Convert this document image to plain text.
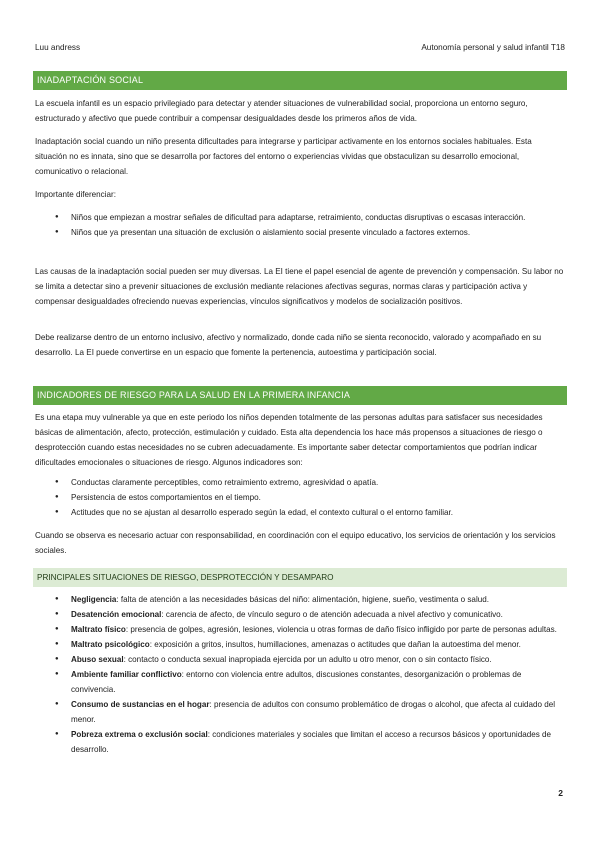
Luu andress	Autonomía personal y salud infantil T18
INADAPTACIÓN SOCIAL

La escuela infantil es un espacio privilegiado para detectar y atender situaciones de vulnerabilidad social, proporciona un entorno seguro, estructurado y afectivo que puede contribuir a compensar desigualdades desde los primeros años de vida.

Inadaptación social cuando un niño presenta dificultades para integrarse y participar activamente en los entornos sociales habituales. Esta situación no es innata, sino que se desarrolla por factores del entorno o experiencias vividas que obstaculizan su desarrollo emocional, comunicativo o relacional.

Importante diferenciar:

● Niños que empiezan a mostrar señales de dificultad para adaptarse, retraimiento, conductas disruptivas o escasas interacción.
● Niños que ya presentan una situación de exclusión o aislamiento social presente vinculado a factores externos.

Las causas de la inadaptación social pueden ser muy diversas. La EI tiene el papel esencial de agente de prevención y compensación. Su labor no se limita a detectar sino a prevenir situaciones de exclusión mediante relaciones afectivas seguras, normas claras y participación activa y compensar desigualdades ofreciendo nuevas experiencias, vínculos significativos y modelos de socialización positivos.

Debe realizarse dentro de un entorno inclusivo, afectivo y normalizado, donde cada niño se sienta reconocido, valorado y acompañado en su desarrollo. La EI puede convertirse en un espacio que fomente la pertenencia, autoestima y participación social.

INDICADORES DE RIESGO PARA LA SALUD EN LA PRIMERA INFANCIA

Es una etapa muy vulnerable ya que en este periodo los niños dependen totalmente de las personas adultas para satisfacer sus necesidades básicas de alimentación, afecto, protección, estimulación y cuidado. Esta alta dependencia los hace más propensos a situaciones de riesgo o desprotección cuando estas necesidades no se cubren adecuadamente. Es importante saber detectar comportamientos que podrían indicar dificultades emocionales o situaciones de riesgo. Algunos indicadores son:

● Conductas claramente perceptibles, como retraimiento extremo, agresividad o apatía.
● Persistencia de estos comportamientos en el tiempo.
● Actitudes que no se ajustan al desarrollo esperado según la edad, el contexto cultural o el entorno familiar.

Cuando se observa es necesario actuar con responsabilidad, en coordinación con el equipo educativo, los servicios de orientación y los servicios sociales.

PRINCIPALES SITUACIONES DE RIESGO, DESPROTECCIÓN Y DESAMPARO
● Negligencia: falta de atención a las necesidades básicas del niño: alimentación, higiene, sueño, vestimenta o salud.
● Desatención emocional: carencia de afecto, de vínculo seguro o de atención adecuada a nivel afectivo y comunicativo.
● Maltrato físico: presencia de golpes, agresión, lesiones, violencia u otras formas de daño físico infligido por parte de personas adultas.
● Maltrato psicológico: exposición a gritos, insultos, humillaciones, amenazas o actitudes que dañan la autoestima del menor.
● Abuso sexual: contacto o conducta sexual inapropiada ejercida por un adulto u otro menor, con o sin contacto físico.
● Ambiente familiar conflictivo: entorno con violencia entre adultos, discusiones constantes, desorganización o problemas de convivencia.
● Consumo de sustancias en el hogar: presencia de adultos con consumo problemático de drogas o alcohol, que afecta al cuidado del menor.
● Pobreza extrema o exclusión social: condiciones materiales y sociales que limitan el acceso a recursos básicos y oportunidades de desarrollo.
2
